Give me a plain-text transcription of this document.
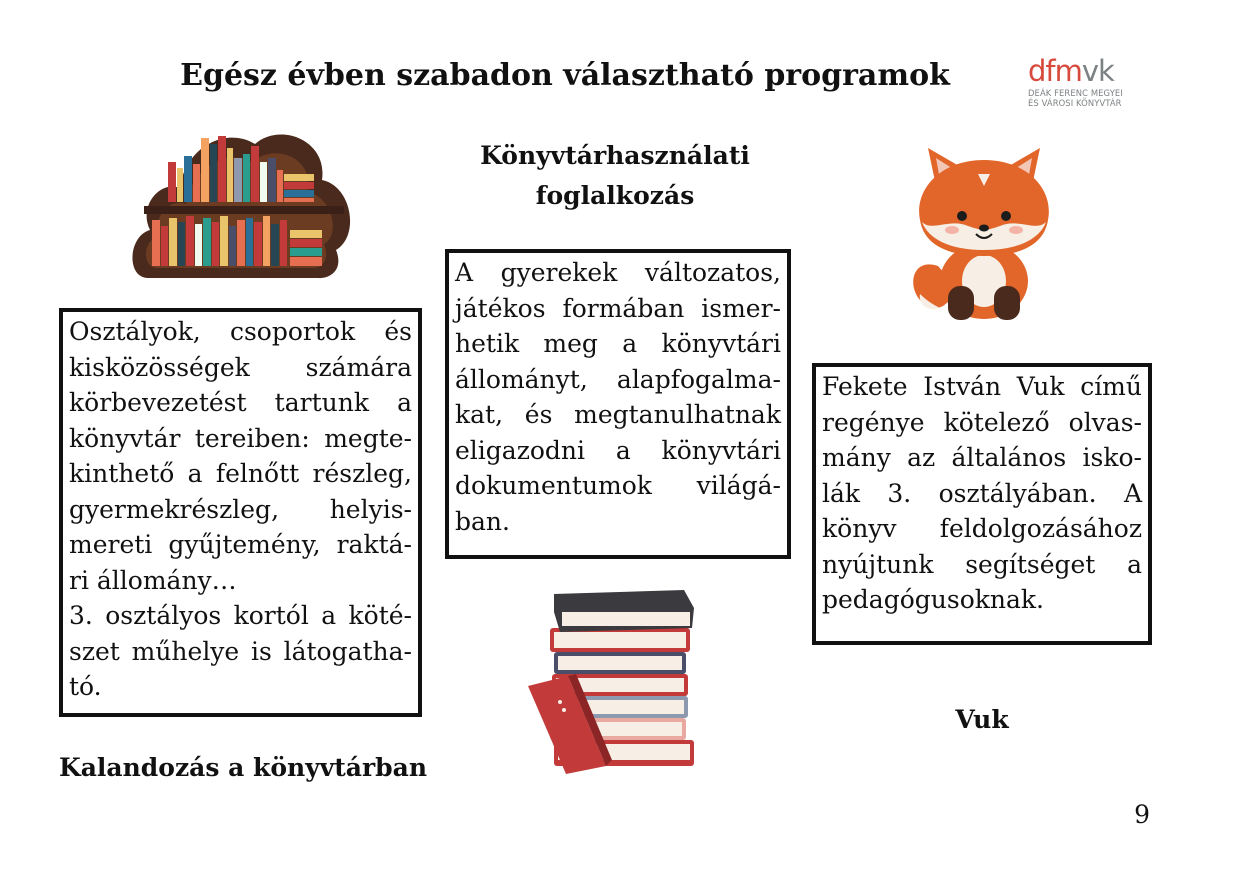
Egész évben szabadon választható programok	dfmvk
DEÁK FERENC MEGYEI
ÉS VÁROSI KÖNYVTÁR
Könyvtárhasználati
foglalkozás
Osztályok, csoportok és
kisközösségek számára
körbevezetést tartunk a
könyvtár tereiben: megte-
kinthető a felnőtt részleg,
gyermekrészleg, helyis-
mereti gyűjtemény, raktá-
ri állomány…
3. osztályos kortól a köté-
szet műhelye is látogatha-
tó.
A gyerekek változatos,
játékos formában ismer-
hetik meg a könyvtári
állományt, alapfogalma-
kat, és megtanulhatnak
eligazodni a könyvtári
dokumentumok világá-
ban.
Fekete István Vuk című
regénye kötelező olvas-
mány az általános isko-
lák 3. osztályában. A
könyv feldolgozásához
nyújtunk segítséget a
pedagógusoknak.
Kalandozás a könyvtárban
Vuk
9
